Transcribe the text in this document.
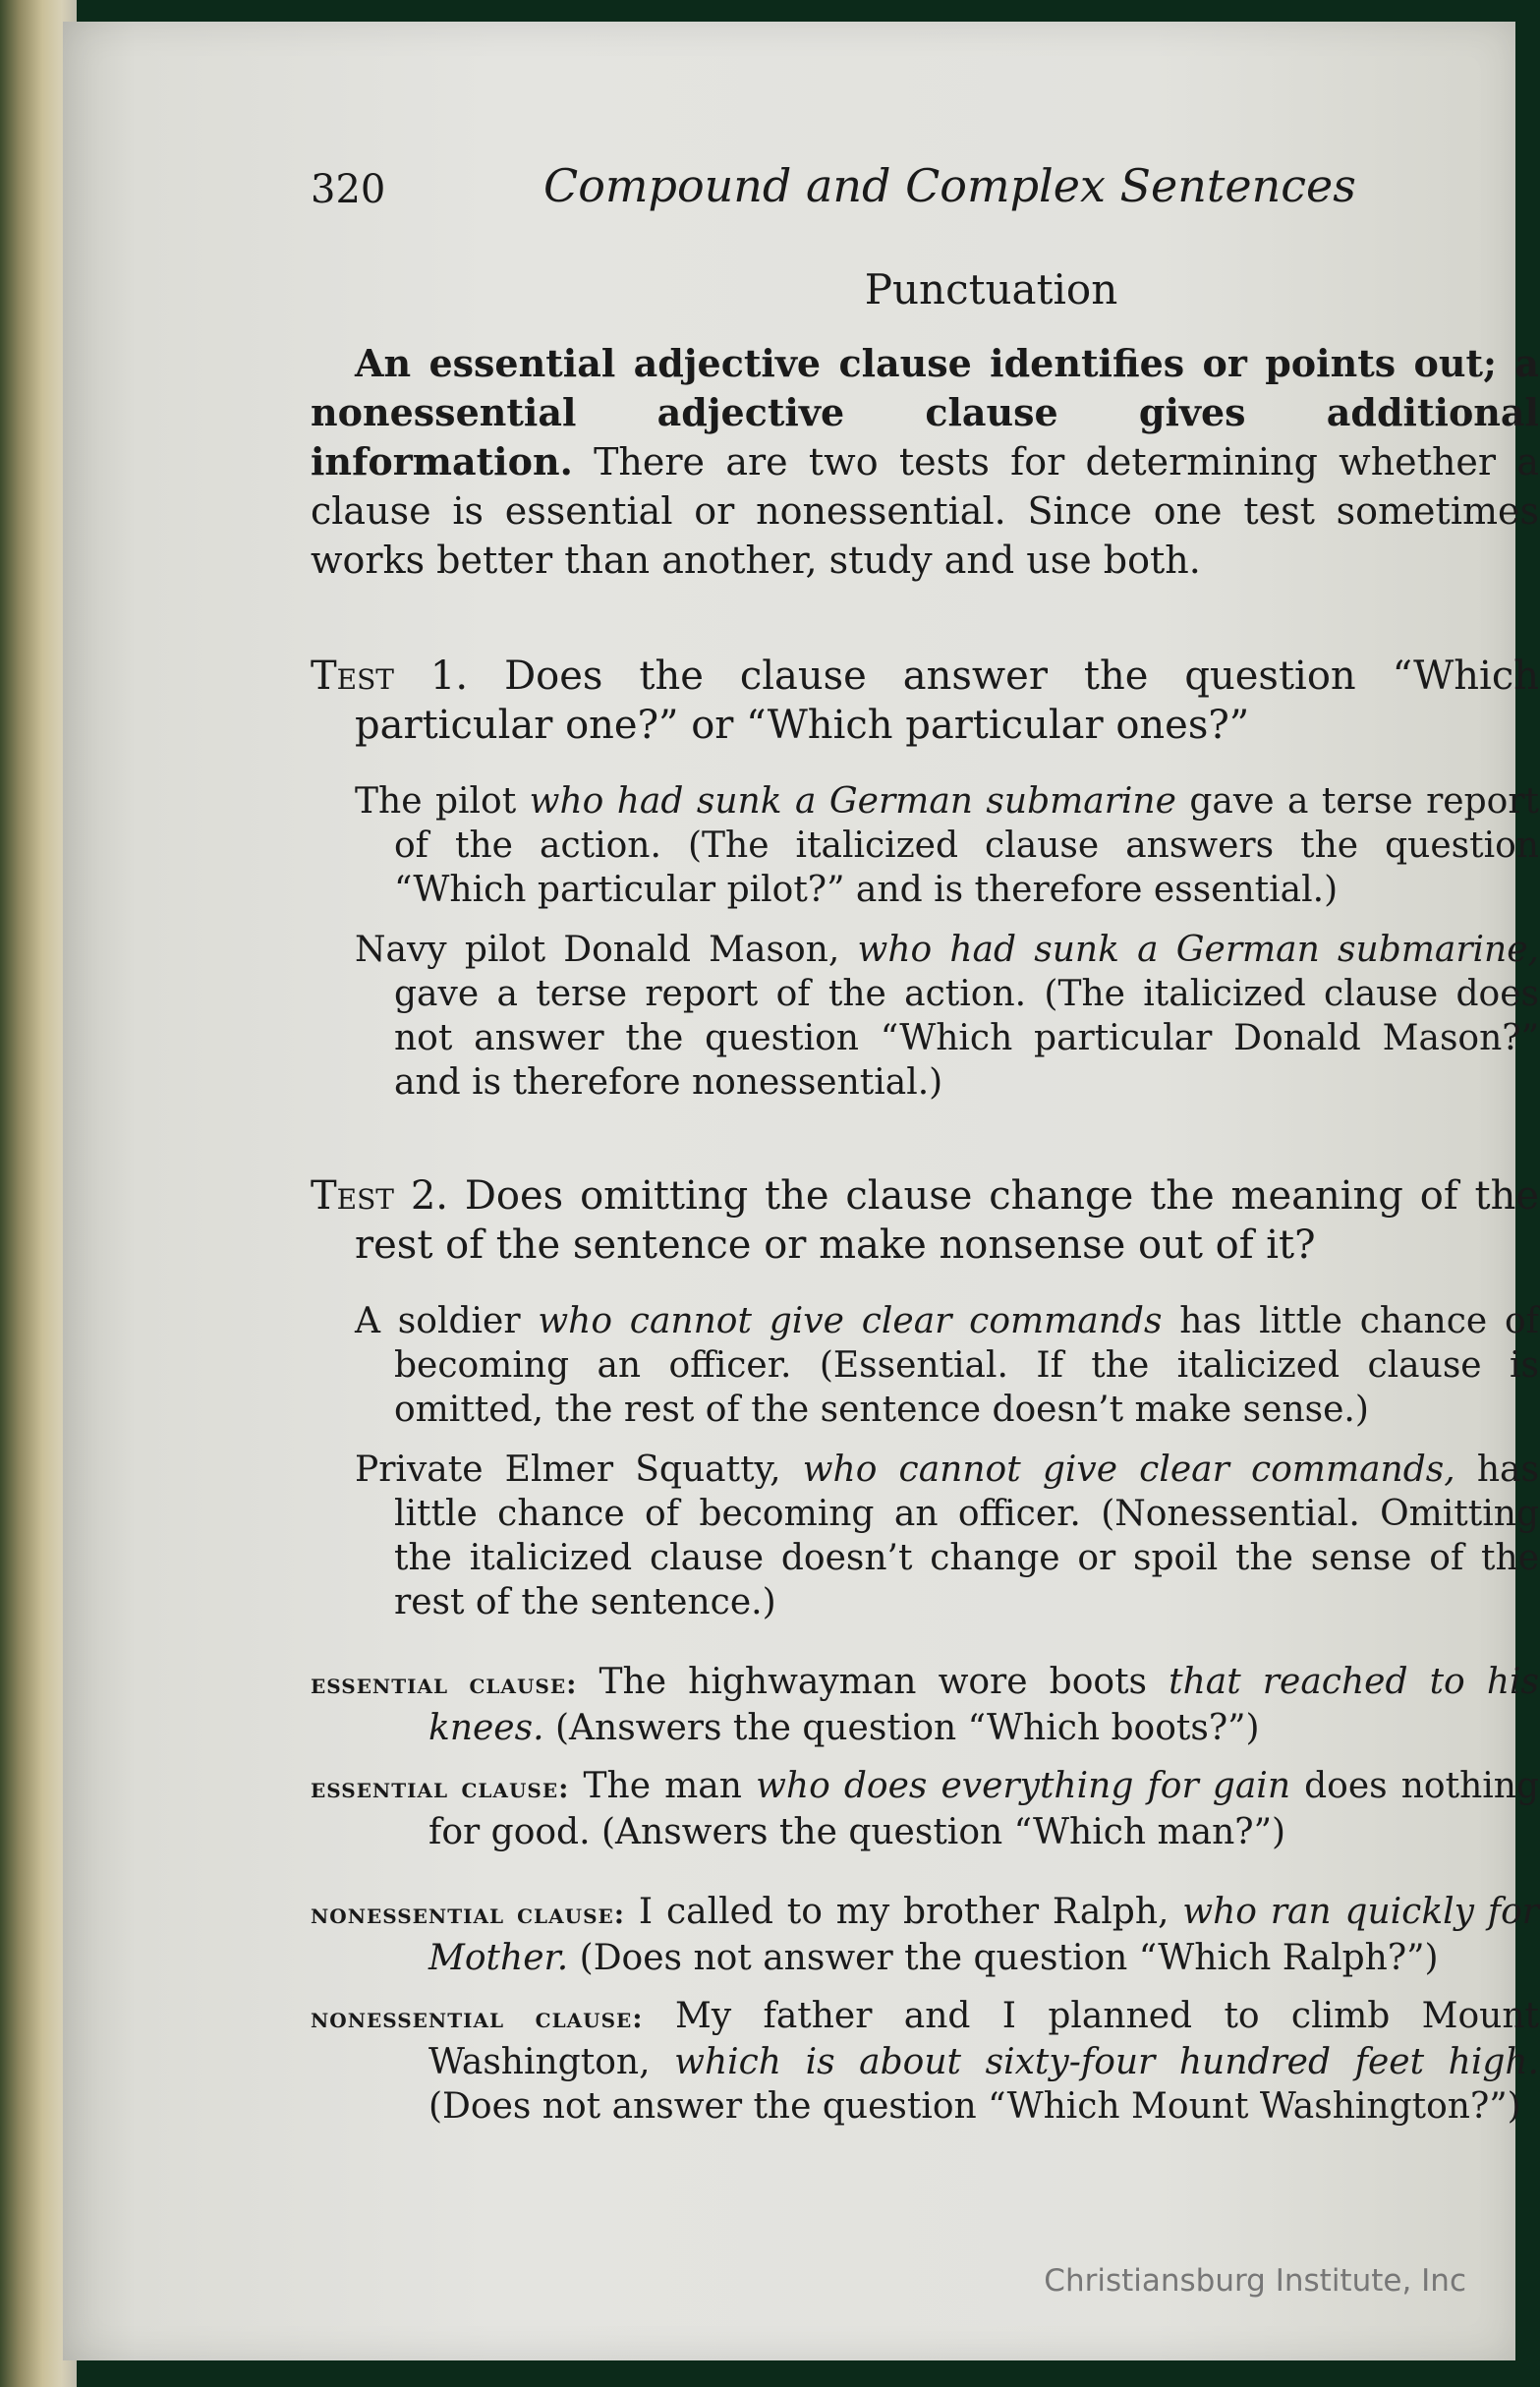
320	Compound and Complex Sentences
Punctuation

An essential adjective clause identifies or points out; a nonessential adjective clause gives additional information. There are two tests for determining whether a clause is essential or nonessential. Since one test sometimes works better than another, study and use both.

Test 1. Does the clause answer the question “Which particular one?” or “Which particular ones?”

The pilot who had sunk a German submarine gave a terse report of the action. (The italicized clause answers the question “Which particular pilot?” and is therefore essential.)

Navy pilot Donald Mason, who had sunk a German submarine, gave a terse report of the action. (The italicized clause does not answer the question “Which particular Donald Mason?” and is therefore nonessential.)

Test 2. Does omitting the clause change the meaning of the rest of the sentence or make nonsense out of it?

A soldier who cannot give clear commands has little chance of becoming an officer. (Essential. If the italicized clause is omitted, the rest of the sentence doesn’t make sense.)

Private Elmer Squatty, who cannot give clear commands, has little chance of becoming an officer. (Nonessential. Omitting the italicized clause doesn’t change or spoil the sense of the rest of the sentence.)

essential clause: The highwayman wore boots that reached to his knees. (Answers the question “Which boots?”)

essential clause: The man who does everything for gain does nothing for good. (Answers the question “Which man?”)

nonessential clause: I called to my brother Ralph, who ran quickly for Mother. (Does not answer the question “Which Ralph?”)

nonessential clause: My father and I planned to climb Mount Washington, which is about sixty-four hundred feet high. (Does not answer the question “Which Mount Washington?”)

Christiansburg Institute, Inc
